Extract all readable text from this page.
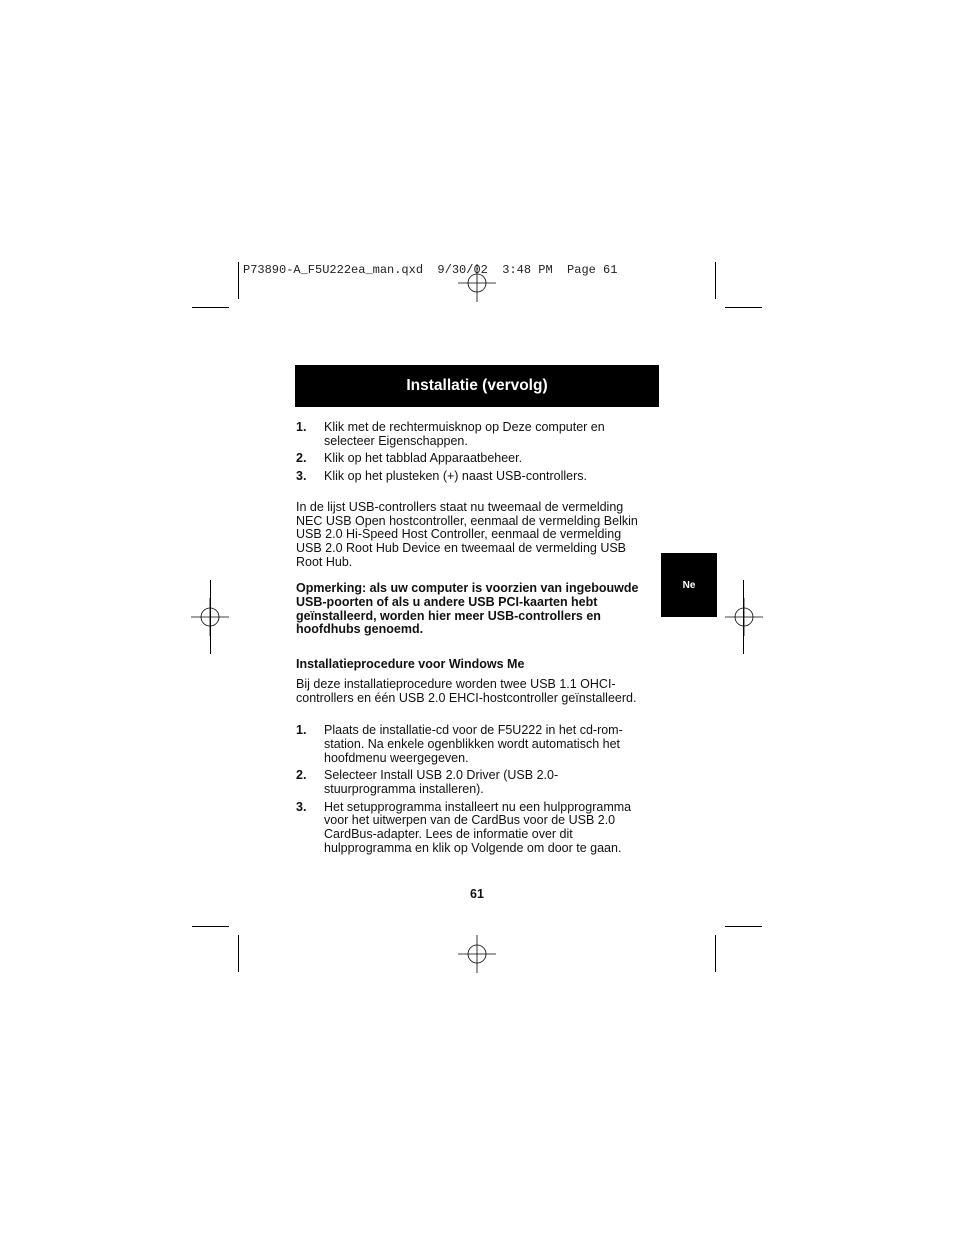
P73890-A_F5U222ea_man.qxd  9/30/02  3:48 PM  Page 61
Installatie (vervolg)
Ne
1.	Klik met de rechtermuisknop op Deze computer en selecteer Eigenschappen.
2.	Klik op het tabblad Apparaatbeheer.
3.	Klik op het plusteken (+) naast USB-controllers.

In de lijst USB-controllers staat nu tweemaal de vermelding NEC USB Open hostcontroller, eenmaal de vermelding Belkin USB 2.0 Hi-Speed Host Controller, eenmaal de vermelding USB 2.0 Root Hub Device en tweemaal de vermelding USB Root Hub.

Opmerking: als uw computer is voorzien van ingebouwde USB-poorten of als u andere USB PCI-kaarten hebt geïnstalleerd, worden hier meer USB-controllers en hoofdhubs genoemd.

Installatieprocedure voor Windows Me

Bij deze installatieprocedure worden twee USB 1.1 OHCI-controllers en één USB 2.0 EHCI-hostcontroller geïnstalleerd.

1.	Plaats de installatie-cd voor de F5U222 in het cd-rom-station. Na enkele ogenblikken wordt automatisch het hoofdmenu weergegeven.
2.	Selecteer Install USB 2.0 Driver (USB 2.0-stuurprogramma installeren).
3.	Het setupprogramma installeert nu een hulpprogramma voor het uitwerpen van de CardBus voor de USB 2.0 CardBus-adapter. Lees de informatie over dit hulpprogramma en klik op Volgende om door te gaan.
61
